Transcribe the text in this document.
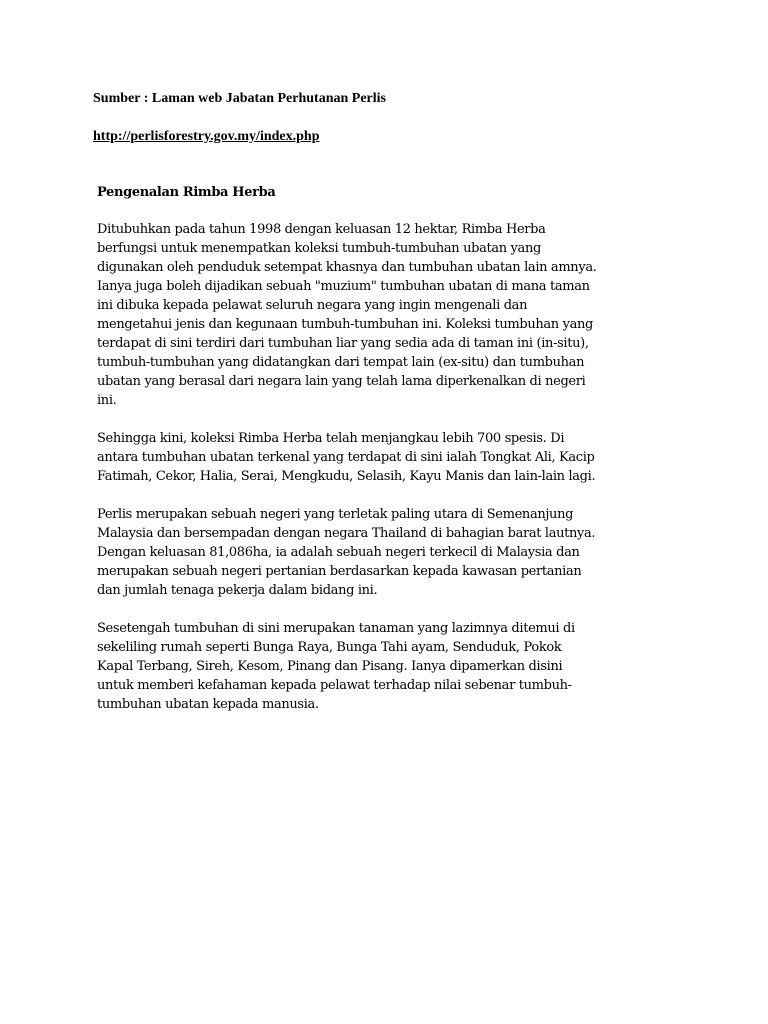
Sumber : Laman web Jabatan Perhutanan Perlis
http://perlisforestry.gov.my/index.php
Pengenalan Rimba Herba

Ditubuhkan pada tahun 1998 dengan keluasan 12 hektar, Rimba Herba berfungsi untuk menempatkan koleksi tumbuh-tumbuhan ubatan yang digunakan oleh penduduk setempat khasnya dan tumbuhan ubatan lain amnya. Ianya juga boleh dijadikan sebuah "muzium" tumbuhan ubatan di mana taman ini dibuka kepada pelawat seluruh negara yang ingin mengenali dan mengetahui jenis dan kegunaan tumbuh-tumbuhan ini. Koleksi tumbuhan yang terdapat di sini terdiri dari tumbuhan liar yang sedia ada di taman ini (in-situ), tumbuh-tumbuhan yang didatangkan dari tempat lain (ex-situ) dan tumbuhan ubatan yang berasal dari negara lain yang telah lama diperkenalkan di negeri ini.

Sehingga kini, koleksi Rimba Herba telah menjangkau lebih 700 spesis. Di antara tumbuhan ubatan terkenal yang terdapat di sini ialah Tongkat Ali, Kacip Fatimah, Cekor, Halia, Serai, Mengkudu, Selasih, Kayu Manis dan lain-lain lagi.

Perlis merupakan sebuah negeri yang terletak paling utara di Semenanjung Malaysia dan bersempadan dengan negara Thailand di bahagian barat lautnya. Dengan keluasan 81,086ha, ia adalah sebuah negeri terkecil di Malaysia dan merupakan sebuah negeri pertanian berdasarkan kepada kawasan pertanian dan jumlah tenaga pekerja dalam bidang ini.

Sesetengah tumbuhan di sini merupakan tanaman yang lazimnya ditemui di sekeliling rumah seperti Bunga Raya, Bunga Tahi ayam, Senduduk, Pokok Kapal Terbang, Sireh, Kesom, Pinang dan Pisang. Ianya dipamerkan disini untuk memberi kefahaman kepada pelawat terhadap nilai sebenar tumbuh-tumbuhan ubatan kepada manusia.
